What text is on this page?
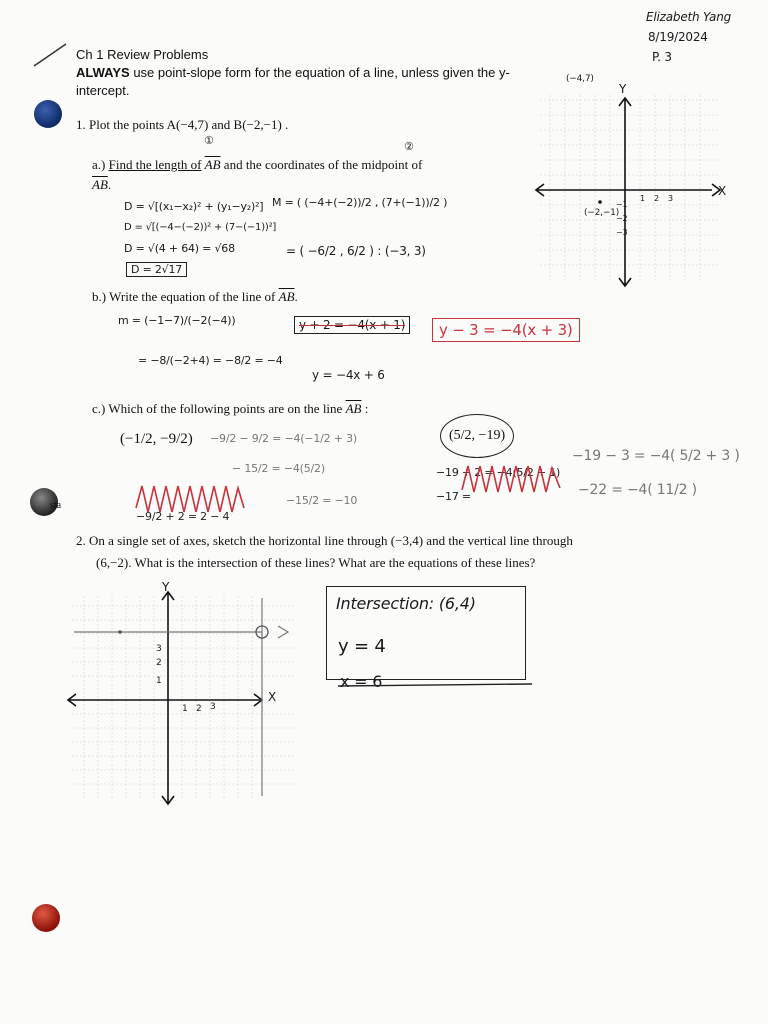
sta
Elizabeth Yang
8/19/2024
P. 3
Ch 1 Review Problems
ALWAYS use point-slope form for the equation of a line, unless given the y-
intercept.
1. Plot the points A(−4,7) and B(−2,−1) .
①	②
a.) Find the length of $\overline{AB}$ and the coordinates of the midpoint of
$\overline{AB}$.
D = √[(x₁−x₂)² + (y₁−y₂)²]
D = √[(−4−(−2))² + (7−(−1))²]
D = √(4 + 64) = √68
D = 2√17
M = ( (−4+(−2))/2 , (7+(−1))/2 )
= ( −6/2 , 6/2 ) : (−3, 3)
Y
X
(−4,7)
(−2,−1)
1 2 3
−1
−2
−3
b.) Write the equation of the line of $\overline{AB}$.
m = (−1−7)/(−2(−4))
= −8/(−2+4) = −8/2 = −4
y + 2 = −4(x + 1)	y − 3 = −4(x + 3)
y = −4x + 6
c.) Which of the following points are on the line $\overline{AB}$ :
(−1/2, −9/2)	(5/2, −19)
−9/2 − 9/2 = −4(−1/2 + 3)
− 15/2 = −4(5/2)
−15/2 = −10
−9/2 + 2 = 2 − 4
−19 + 2 = −4(5/2 + 1)
−17 =
−19 − 3 = −4( 5/2 + 3 )
−22 = −4( 11/2 )
2. On a single set of axes, sketch the horizontal line through (−3,4) and the vertical line through
(6,−2). What is the intersection of these lines? What are the equations of these lines?
Y
X
1 2 3
3
2
1
Intersection: (6,4)
y = 4
x = 6
